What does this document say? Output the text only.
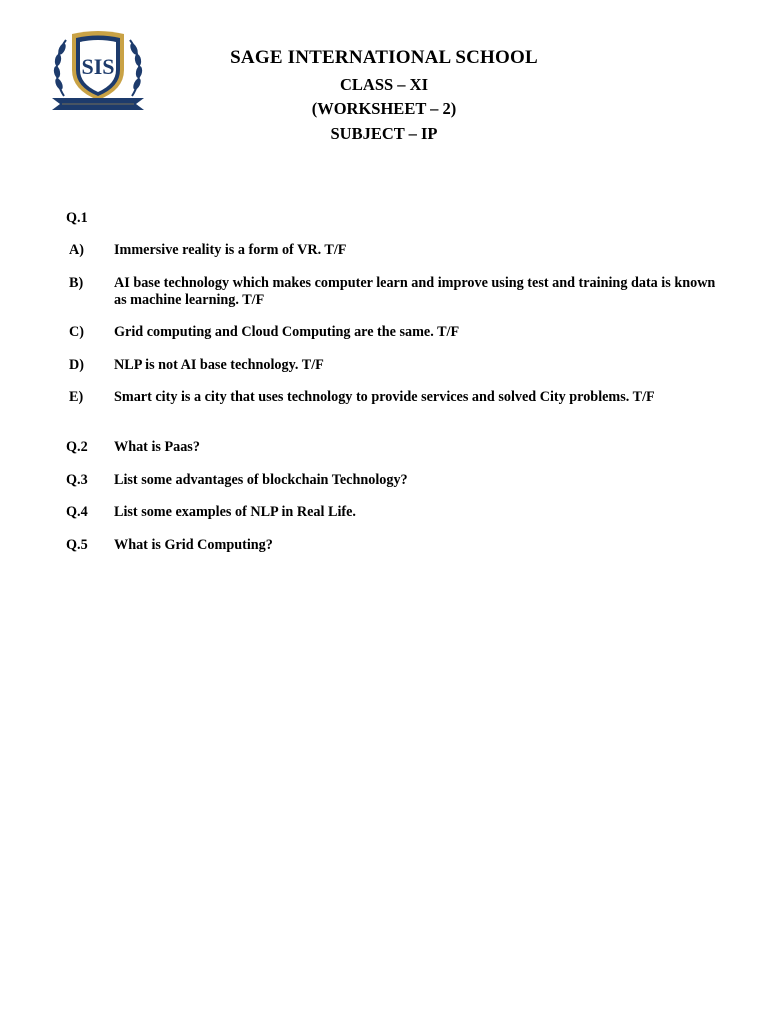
SIS	SAGE INTERNATIONAL SCHOOL
CLASS – XI
(WORKSHEET – 2)
SUBJECT – IP
Q.1
A) Immersive reality is a form of VR. T/F
B) AI base technology which makes computer learn and improve using test and training data is known as machine learning. T/F
C) Grid computing and Cloud Computing are the same. T/F
D) NLP is not AI base technology. T/F
E) Smart city is a city that uses technology to provide services and solved City problems. T/F
Q.2 What is Paas?
Q.3 List some advantages of blockchain Technology?
Q.4 List some examples of NLP in Real Life.
Q.5 What is Grid Computing?
